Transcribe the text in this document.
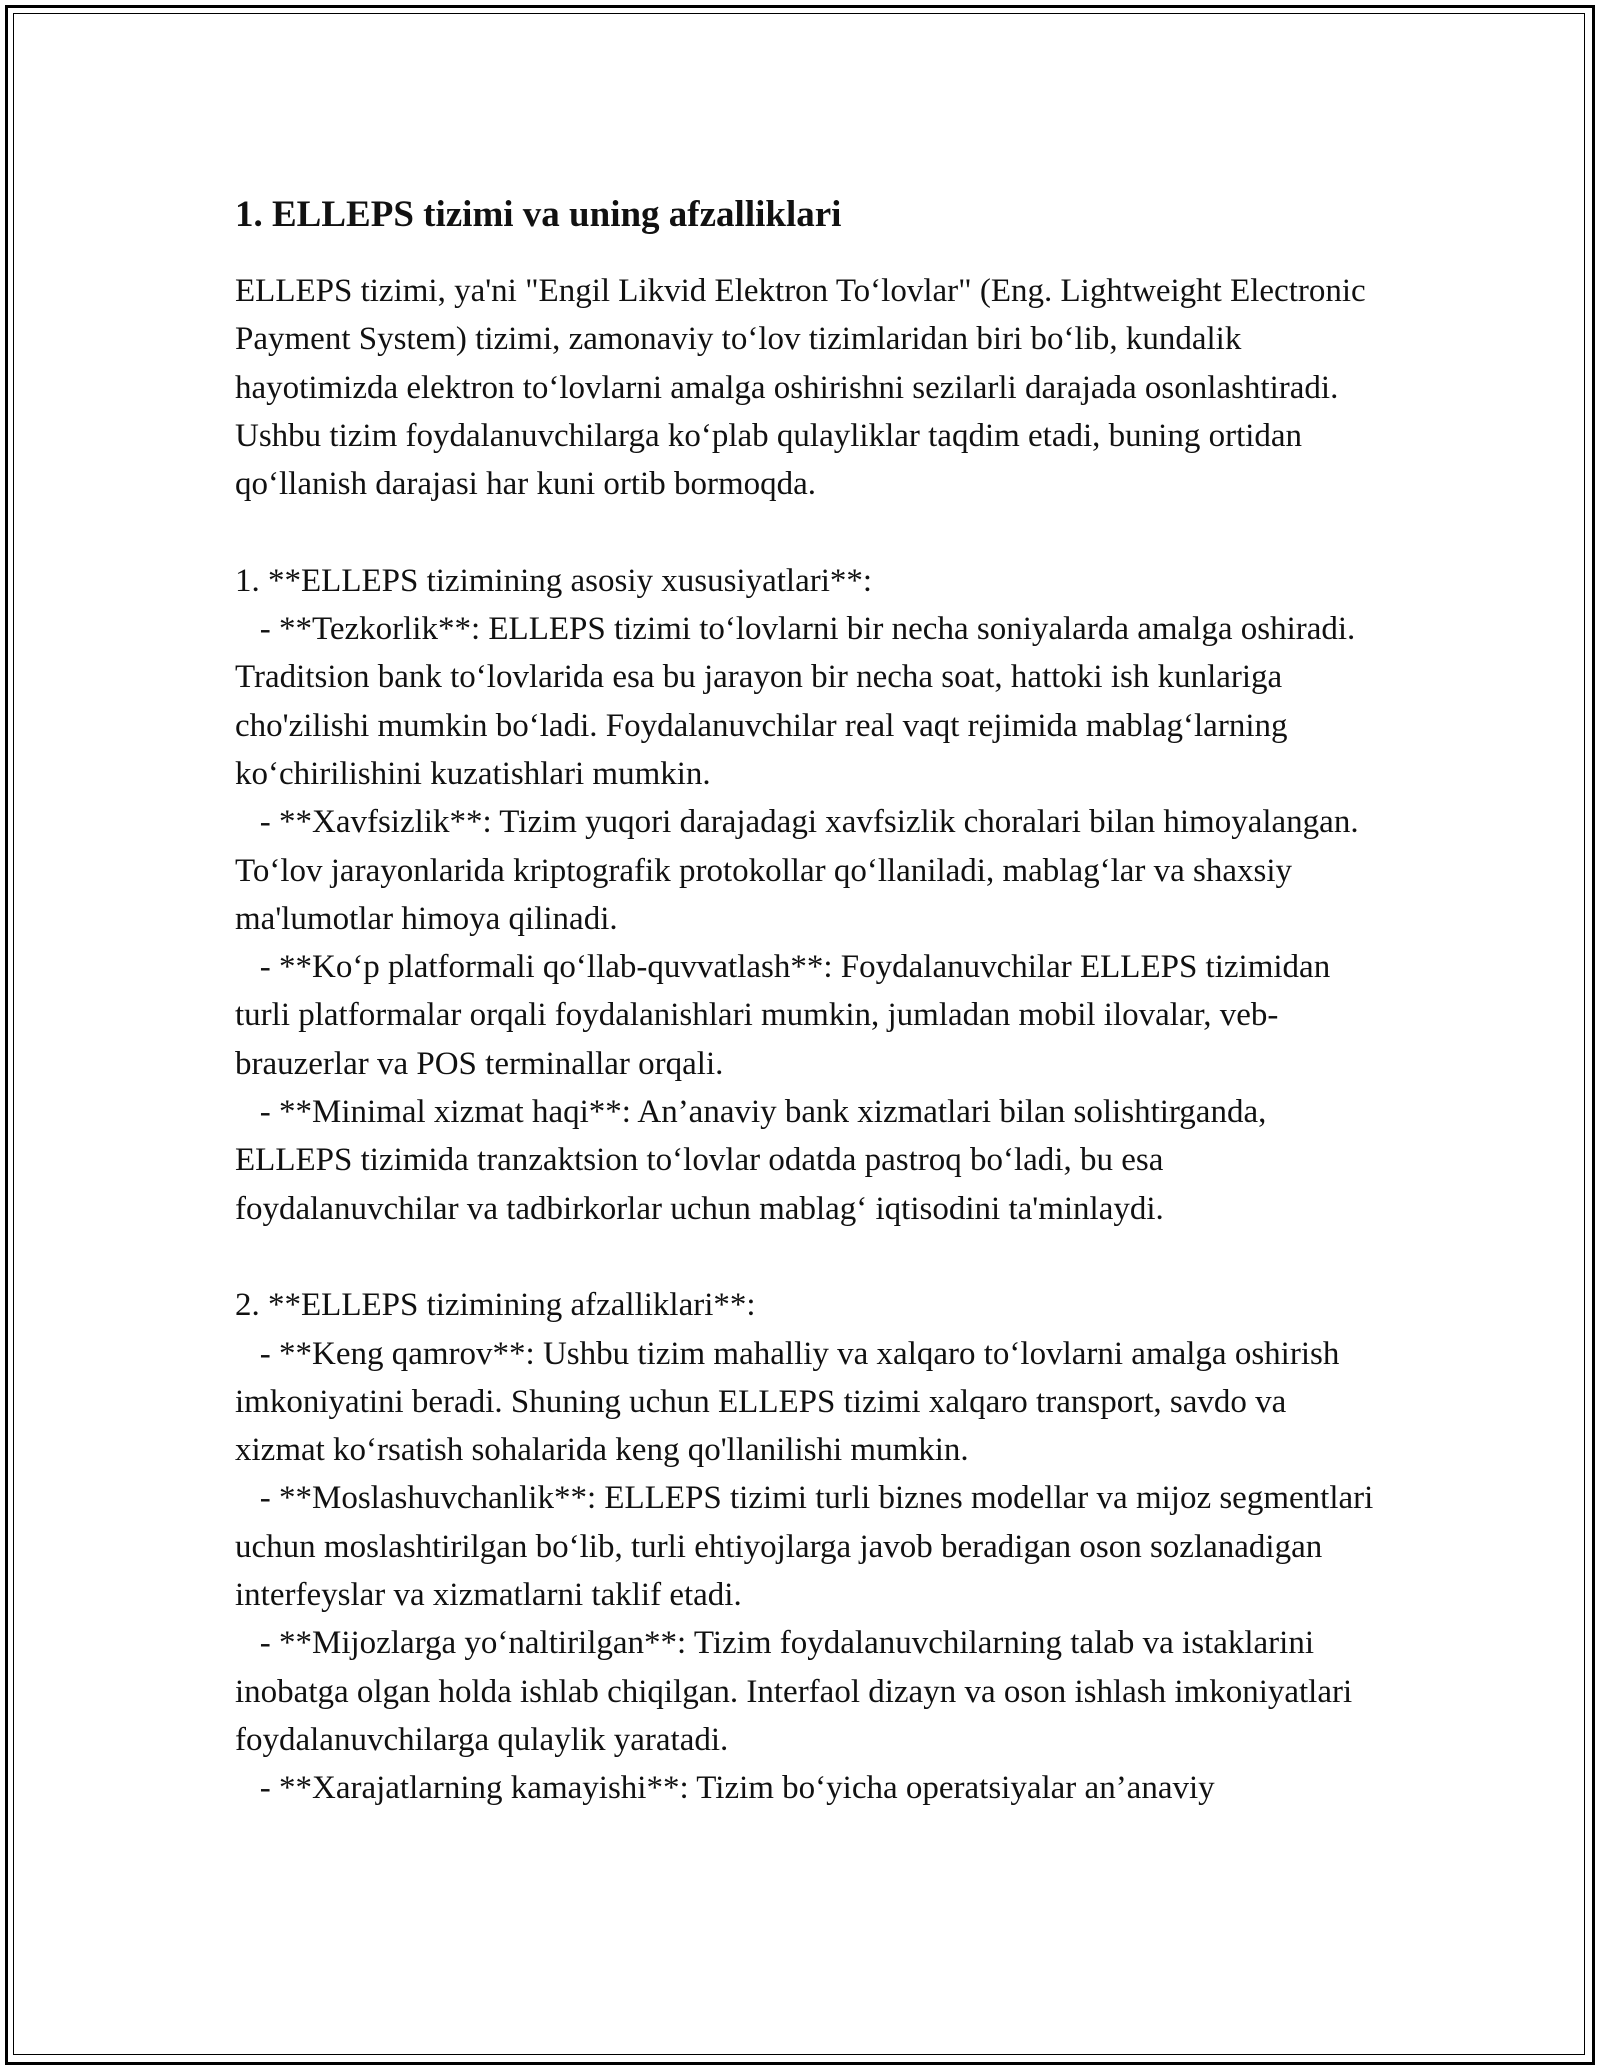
1. ELLEPS tizimi va uning afzalliklari

ELLEPS tizimi, ya'ni "Engil Likvid Elektron To‘lovlar" (Eng. Lightweight Electronic Payment System) tizimi, zamonaviy to‘lov tizimlaridan biri bo‘lib, kundalik hayotimizda elektron to‘lovlarni amalga oshirishni sezilarli darajada osonlashtiradi. Ushbu tizim foydalanuvchilarga ko‘plab qulayliklar taqdim etadi, buning ortidan qo‘llanish darajasi har kuni ortib bormoqda.

1. **ELLEPS tizimining asosiy xususiyatlari**:

- **Tezkorlik**: ELLEPS tizimi to‘lovlarni bir necha soniyalarda amalga oshiradi. Traditsion bank to‘lovlarida esa bu jarayon bir necha soat, hattoki ish kunlariga cho'zilishi mumkin bo‘ladi. Foydalanuvchilar real vaqt rejimida mablag‘larning ko‘chirilishini kuzatishlari mumkin.

- **Xavfsizlik**: Tizim yuqori darajadagi xavfsizlik choralari bilan himoyalangan. To‘lov jarayonlarida kriptografik protokollar qo‘llaniladi, mablag‘lar va shaxsiy ma'lumotlar himoya qilinadi.

- **Ko‘p platformali qo‘llab-quvvatlash**: Foydalanuvchilar ELLEPS tizimidan turli platformalar orqali foydalanishlari mumkin, jumladan mobil ilovalar, veb-brauzerlar va POS terminallar orqali.

- **Minimal xizmat haqi**: An’anaviy bank xizmatlari bilan solishtirganda, ELLEPS tizimida tranzaktsion to‘lovlar odatda pastroq bo‘ladi, bu esa foydalanuvchilar va tadbirkorlar uchun mablag‘ iqtisodini ta'minlaydi.

2. **ELLEPS tizimining afzalliklari**:

- **Keng qamrov**: Ushbu tizim mahalliy va xalqaro to‘lovlarni amalga oshirish imkoniyatini beradi. Shuning uchun ELLEPS tizimi xalqaro transport, savdo va xizmat ko‘rsatish sohalarida keng qo'llanilishi mumkin.

- **Moslashuvchanlik**: ELLEPS tizimi turli biznes modellar va mijoz segmentlari uchun moslashtirilgan bo‘lib, turli ehtiyojlarga javob beradigan oson sozlanadigan interfeyslar va xizmatlarni taklif etadi.

- **Mijozlarga yo‘naltirilgan**: Tizim foydalanuvchilarning talab va istaklarini inobatga olgan holda ishlab chiqilgan. Interfaol dizayn va oson ishlash imkoniyatlari foydalanuvchilarga qulaylik yaratadi.

- **Xarajatlarning kamayishi**: Tizim bo‘yicha operatsiyalar an’anaviy
